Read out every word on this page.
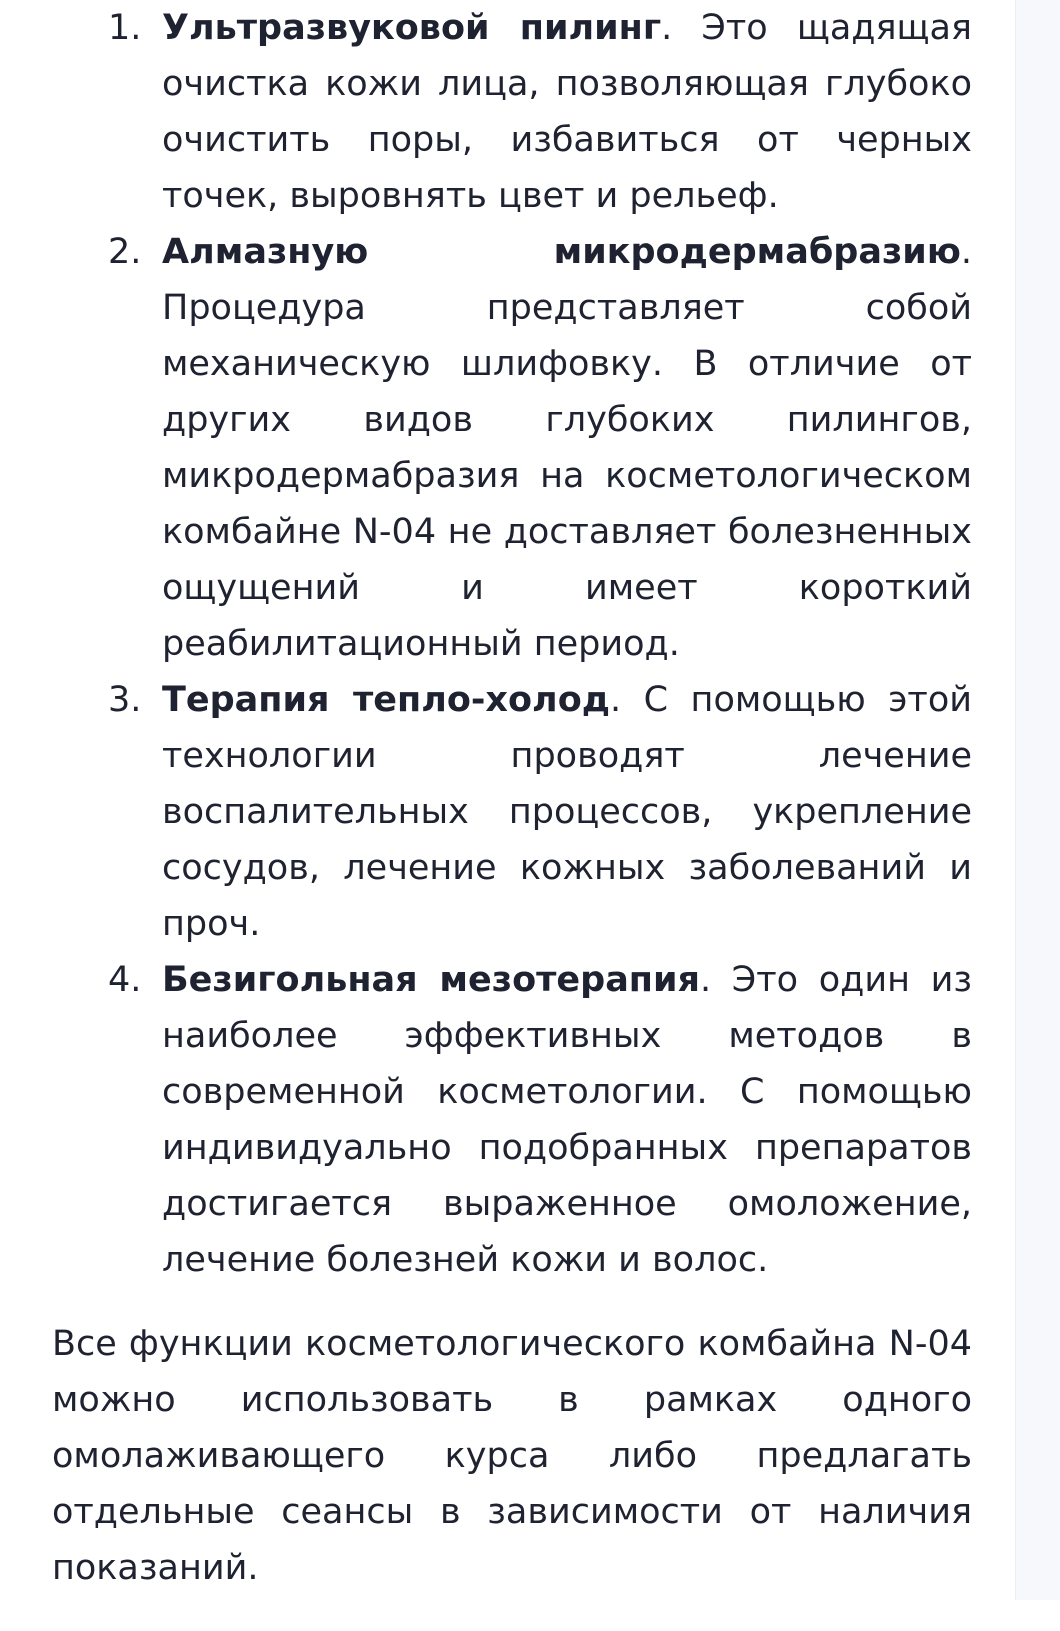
1. Ультразвуковой пилинг. Это щадящая очистка кожи лица, позволяющая глубоко очистить поры, избавиться от черных точек, выровнять цвет и рельеф.
2. Алмазную микродермабразию. Процедура представляет собой механическую шлифовку. В отличие от других видов глубоких пилингов, микродермабразия на косметологическом комбайне N-04 не доставляет болезненных ощущений и имеет короткий реабилитационный период.
3. Терапия тепло-холод. С помощью этой технологии проводят лечение воспалительных процессов, укрепление сосудов, лечение кожных заболеваний и проч.
4. Безигольная мезотерапия. Это один из наиболее эффективных методов в современной косметологии. С помощью индивидуально подобранных препаратов достигается выраженное омоложение, лечение болезней кожи и волос.

Все функции косметологического комбайна N-04 можно использовать в рамках одного омолаживающего курса либо предлагать отдельные сеансы в зависимости от наличия показаний.
